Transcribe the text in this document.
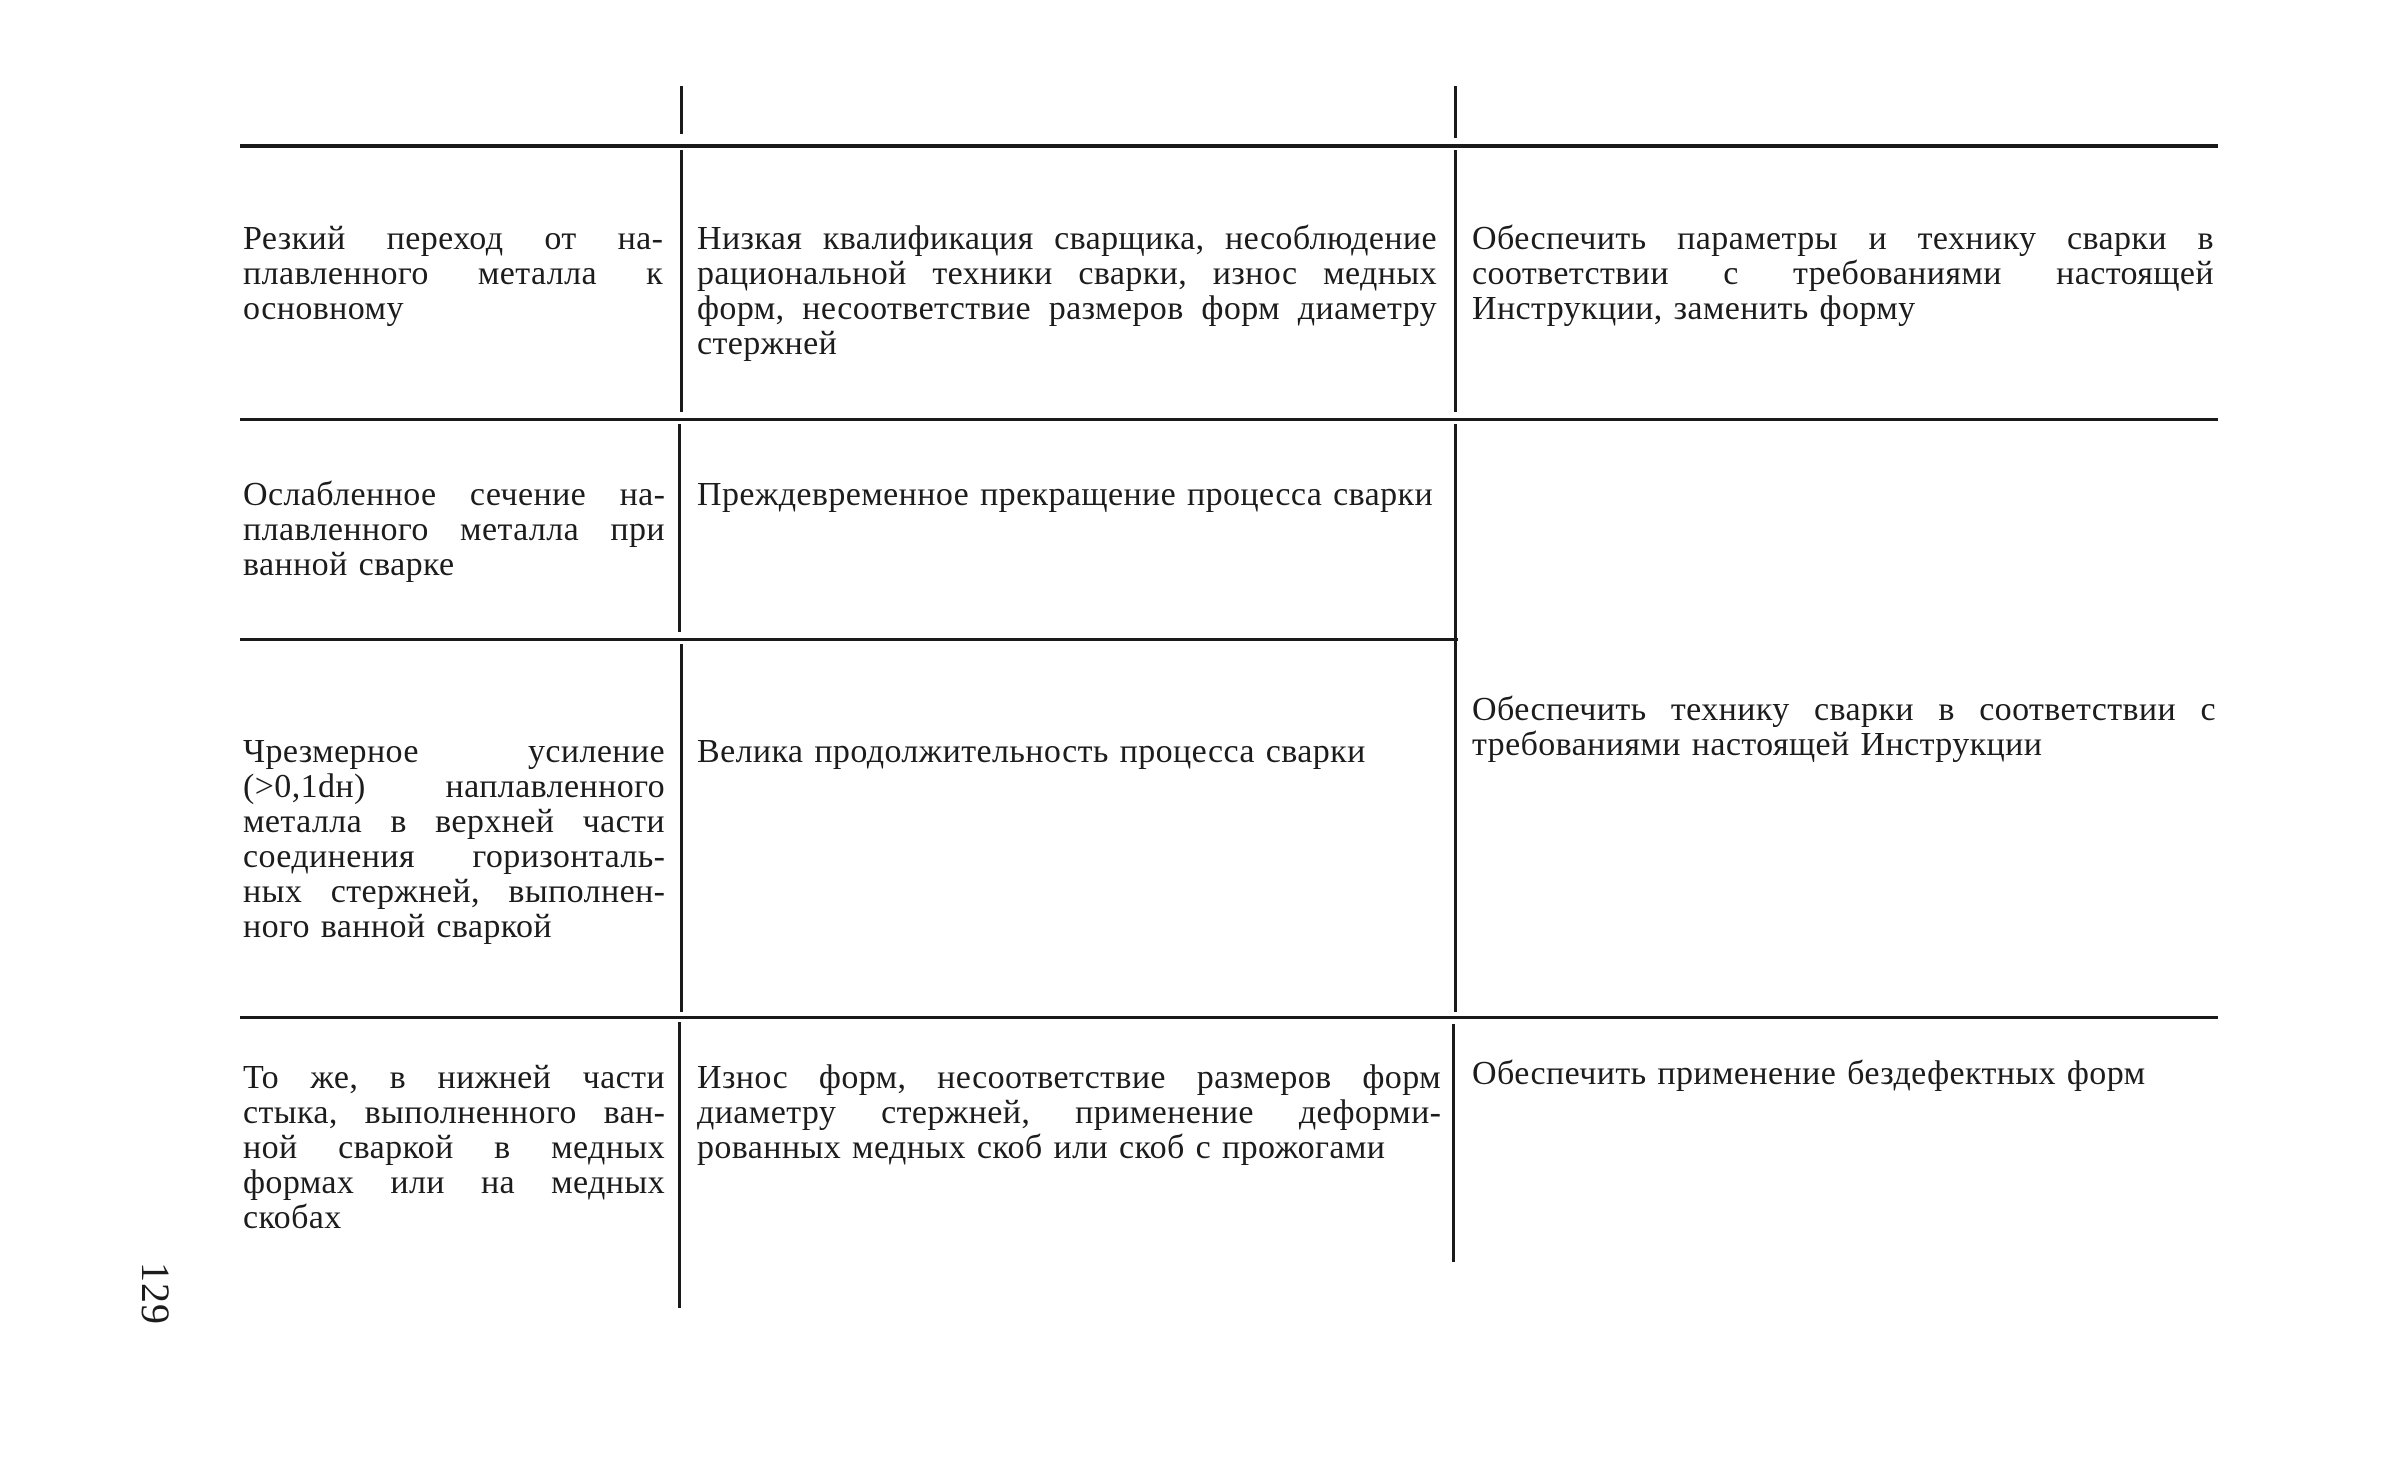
Резкий переход от наплавленного металла к основному
Низкая квалификация сварщика, несоблюдение рациональной техники сварки, износ медных форм, несоответствие размеров форм диаметру стержней
Обеспечить параметры и технику сварки в соответствии с требованиями настоящей Инструкции, заменить форму
Ослабленное сечение наплавленного металла при ванной сварке
Преждевременное прекращение процесса сварки
Чрезмерное усиление (>0,1dн) наплавленного металла в верхней части соединения горизонтальных стержней, выполненного ванной сваркой
Велика продолжительность процесса сварки
Обеспечить технику сварки в соответствии с требованиями настоящей Инструкции
То же, в нижней части стыка, выполненного ванной сваркой в медных формах или на медных скобах
Износ форм, несоответствие размеров форм диаметру стержней, применение деформированных медных скоб или скоб с прожогами
Обеспечить применение бездефектных форм
129
